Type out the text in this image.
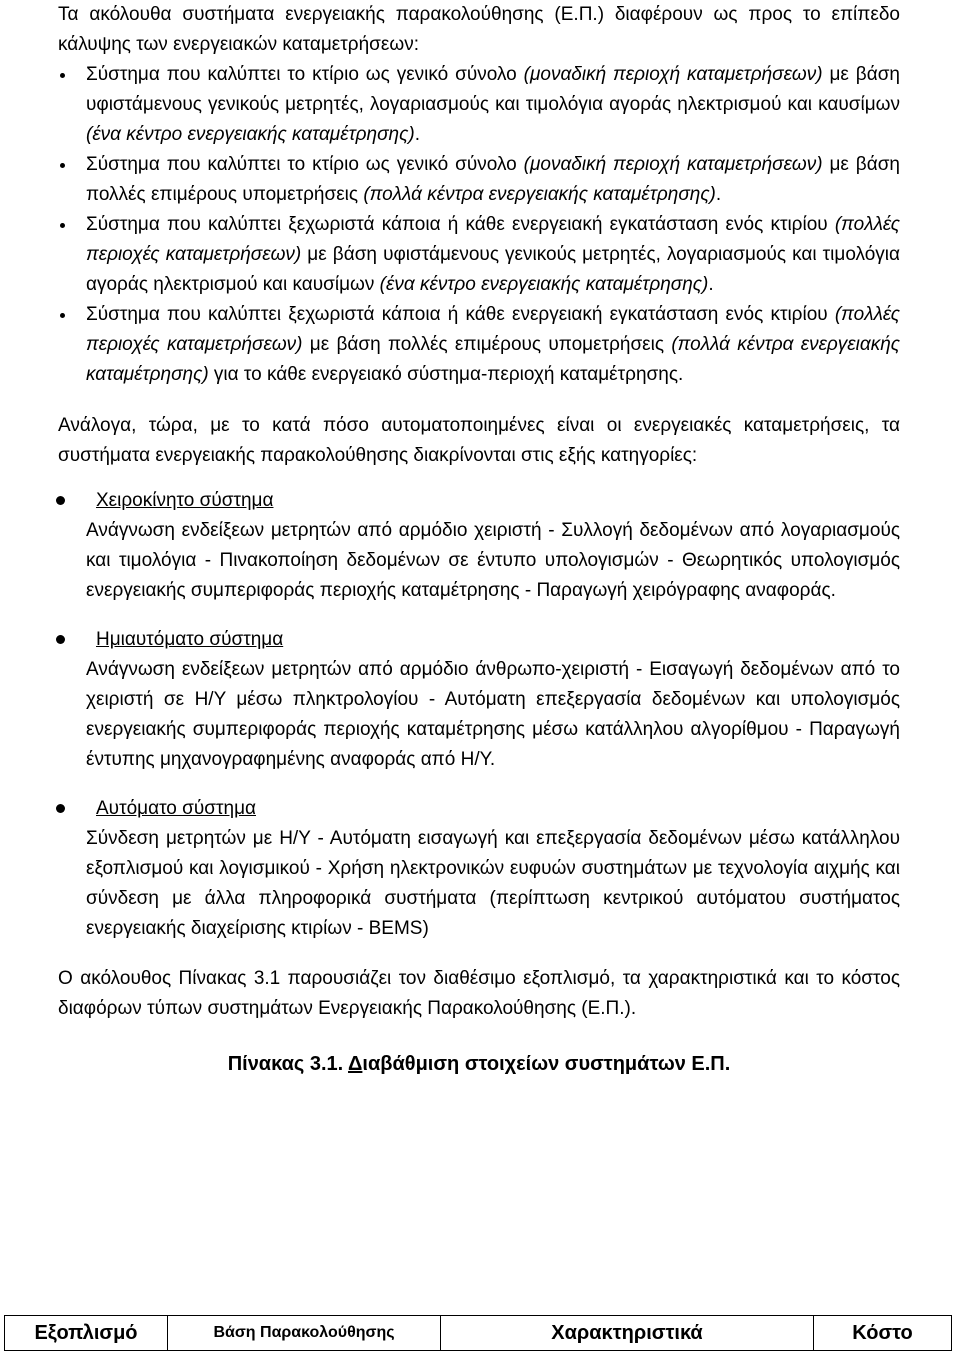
Τα ακόλουθα συστήματα ενεργειακής παρακολούθησης (Ε.Π.) διαφέρουν ως προς το επίπεδο κάλυψης των ενεργειακών καταμετρήσεων:

Σύστημα που καλύπτει το κτίριο ως γενικό σύνολο (μοναδική περιοχή καταμετρήσεων) με βάση υφιστάμενους γενικούς μετρητές, λογαριασμούς και τιμολόγια αγοράς ηλεκτρισμού και καυσίμων (ένα κέντρο ενεργειακής καταμέτρησης).
Σύστημα που καλύπτει το κτίριο ως γενικό σύνολο (μοναδική περιοχή καταμετρήσεων) με βάση πολλές επιμέρους υπομετρήσεις (πολλά κέντρα ενεργειακής καταμέτρησης).
Σύστημα που καλύπτει ξεχωριστά κάποια ή κάθε ενεργειακή εγκατάσταση ενός κτιρίου (πολλές περιοχές καταμετρήσεων) με βάση υφιστάμενους γενικούς μετρητές, λογαριασμούς και τιμολόγια αγοράς ηλεκτρισμού και καυσίμων (ένα κέντρο ενεργειακής καταμέτρησης).
Σύστημα που καλύπτει ξεχωριστά κάποια ή κάθε ενεργειακή εγκατάσταση ενός κτιρίου (πολλές περιοχές καταμετρήσεων) με βάση πολλές επιμέρους υπομετρήσεις (πολλά κέντρα ενεργειακής καταμέτρησης) για το κάθε ενεργειακό σύστημα-περιοχή καταμέτρησης.

Ανάλογα, τώρα, με το κατά πόσο αυτοματοποιημένες είναι οι ενεργειακές καταμετρήσεις, τα συστήματα ενεργειακής παρακολούθησης διακρίνονται στις εξής κατηγορίες:

Χειροκίνητο σύστημα
Ανάγνωση ενδείξεων μετρητών από αρμόδιο χειριστή - Συλλογή δεδομένων από λογαριασμούς και τιμολόγια - Πινακοποίηση δεδομένων σε έντυπο υπολογισμών - Θεωρητικός υπολογισμός ενεργειακής συμπεριφοράς περιοχής καταμέτρησης - Παραγωγή χειρόγραφης αναφοράς.
Ημιαυτόματο σύστημα
Ανάγνωση ενδείξεων μετρητών από αρμόδιο άνθρωπο-χειριστή - Εισαγωγή δεδομένων από το χειριστή σε Η/Υ μέσω πληκτρολογίου - Αυτόματη επεξεργασία δεδομένων και υπολογισμός ενεργειακής συμπεριφοράς περιοχής καταμέτρησης μέσω κατάλληλου αλγορίθμου - Παραγωγή έντυπης μηχανογραφημένης αναφοράς από Η/Υ.
Αυτόματο σύστημα
Σύνδεση μετρητών με Η/Υ - Αυτόματη εισαγωγή και επεξεργασία δεδομένων μέσω κατάλληλου εξοπλισμού και λογισμικού - Χρήση ηλεκτρονικών ευφυών συστημάτων με τεχνολογία αιχμής και σύνδεση με άλλα πληροφορικά συστήματα (περίπτωση κεντρικού αυτόματου συστήματος ενεργειακής διαχείρισης κτιρίων - BEMS)

Ο ακόλουθος Πίνακας 3.1 παρουσιάζει τον διαθέσιμο εξοπλισμό, τα χαρακτηριστικά και το κόστος διαφόρων τύπων συστημάτων Ενεργειακής Παρακολούθησης (Ε.Π.).

Πίνακας 3.1. Διαβάθμιση στοιχείων συστημάτων Ε.Π.
Εξοπλισμό	Βάση Παρακολούθησης	Χαρακτηριστικά	Κόστο
